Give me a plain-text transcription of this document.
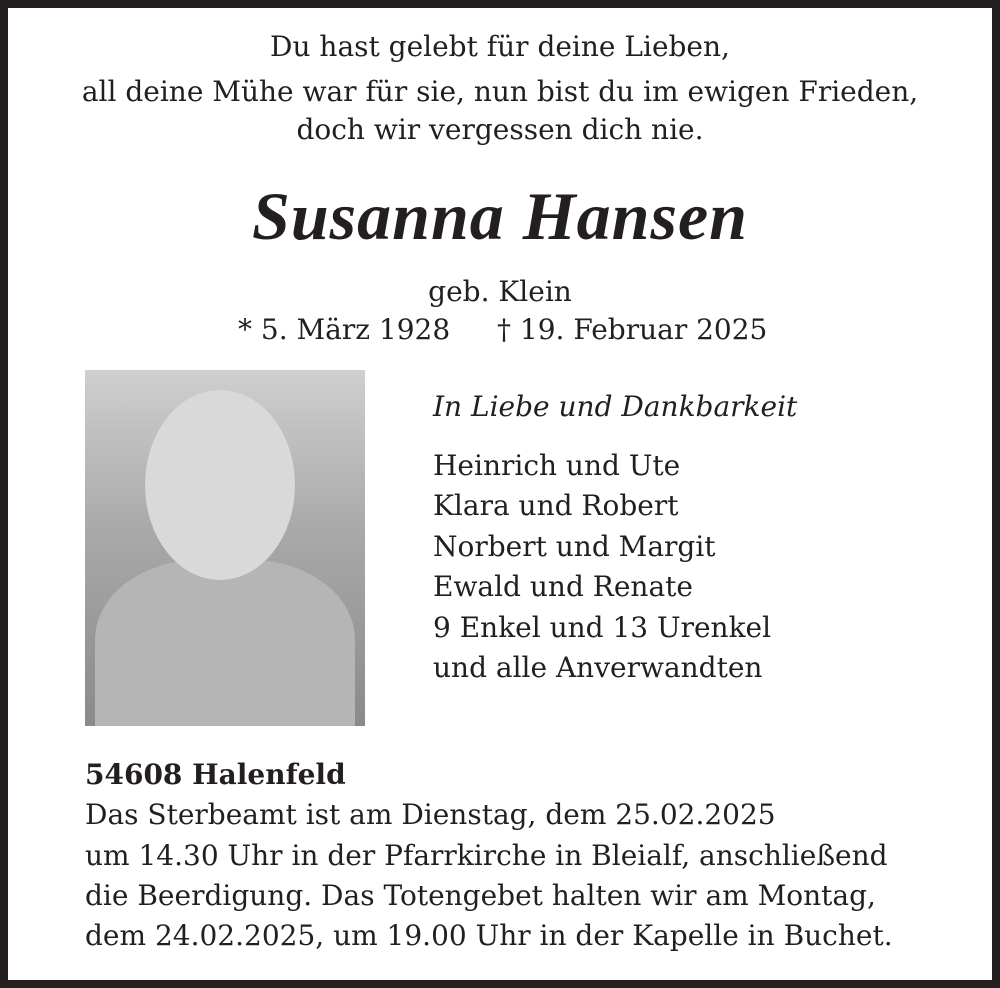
Du hast gelebt für deine Lieben,
all deine Mühe war für sie, nun bist du im ewigen Frieden,
doch wir vergessen dich nie.
Susanna Hansen
geb. Klein
* 5. März 1928 † 19. Februar 2025
In Liebe und Dankbarkeit
Heinrich und Ute
Klara und Robert
Norbert und Margit
Ewald und Renate
9 Enkel und 13 Urenkel
und alle Anverwandten
54608 Halenfeld
Das Sterbeamt ist am Dienstag, dem 25.02.2025
um 14.30 Uhr in der Pfarrkirche in Bleialf, anschließend
die Beerdigung. Das Totengebet halten wir am Montag,
dem 24.02.2025, um 19.00 Uhr in der Kapelle in Buchet.
